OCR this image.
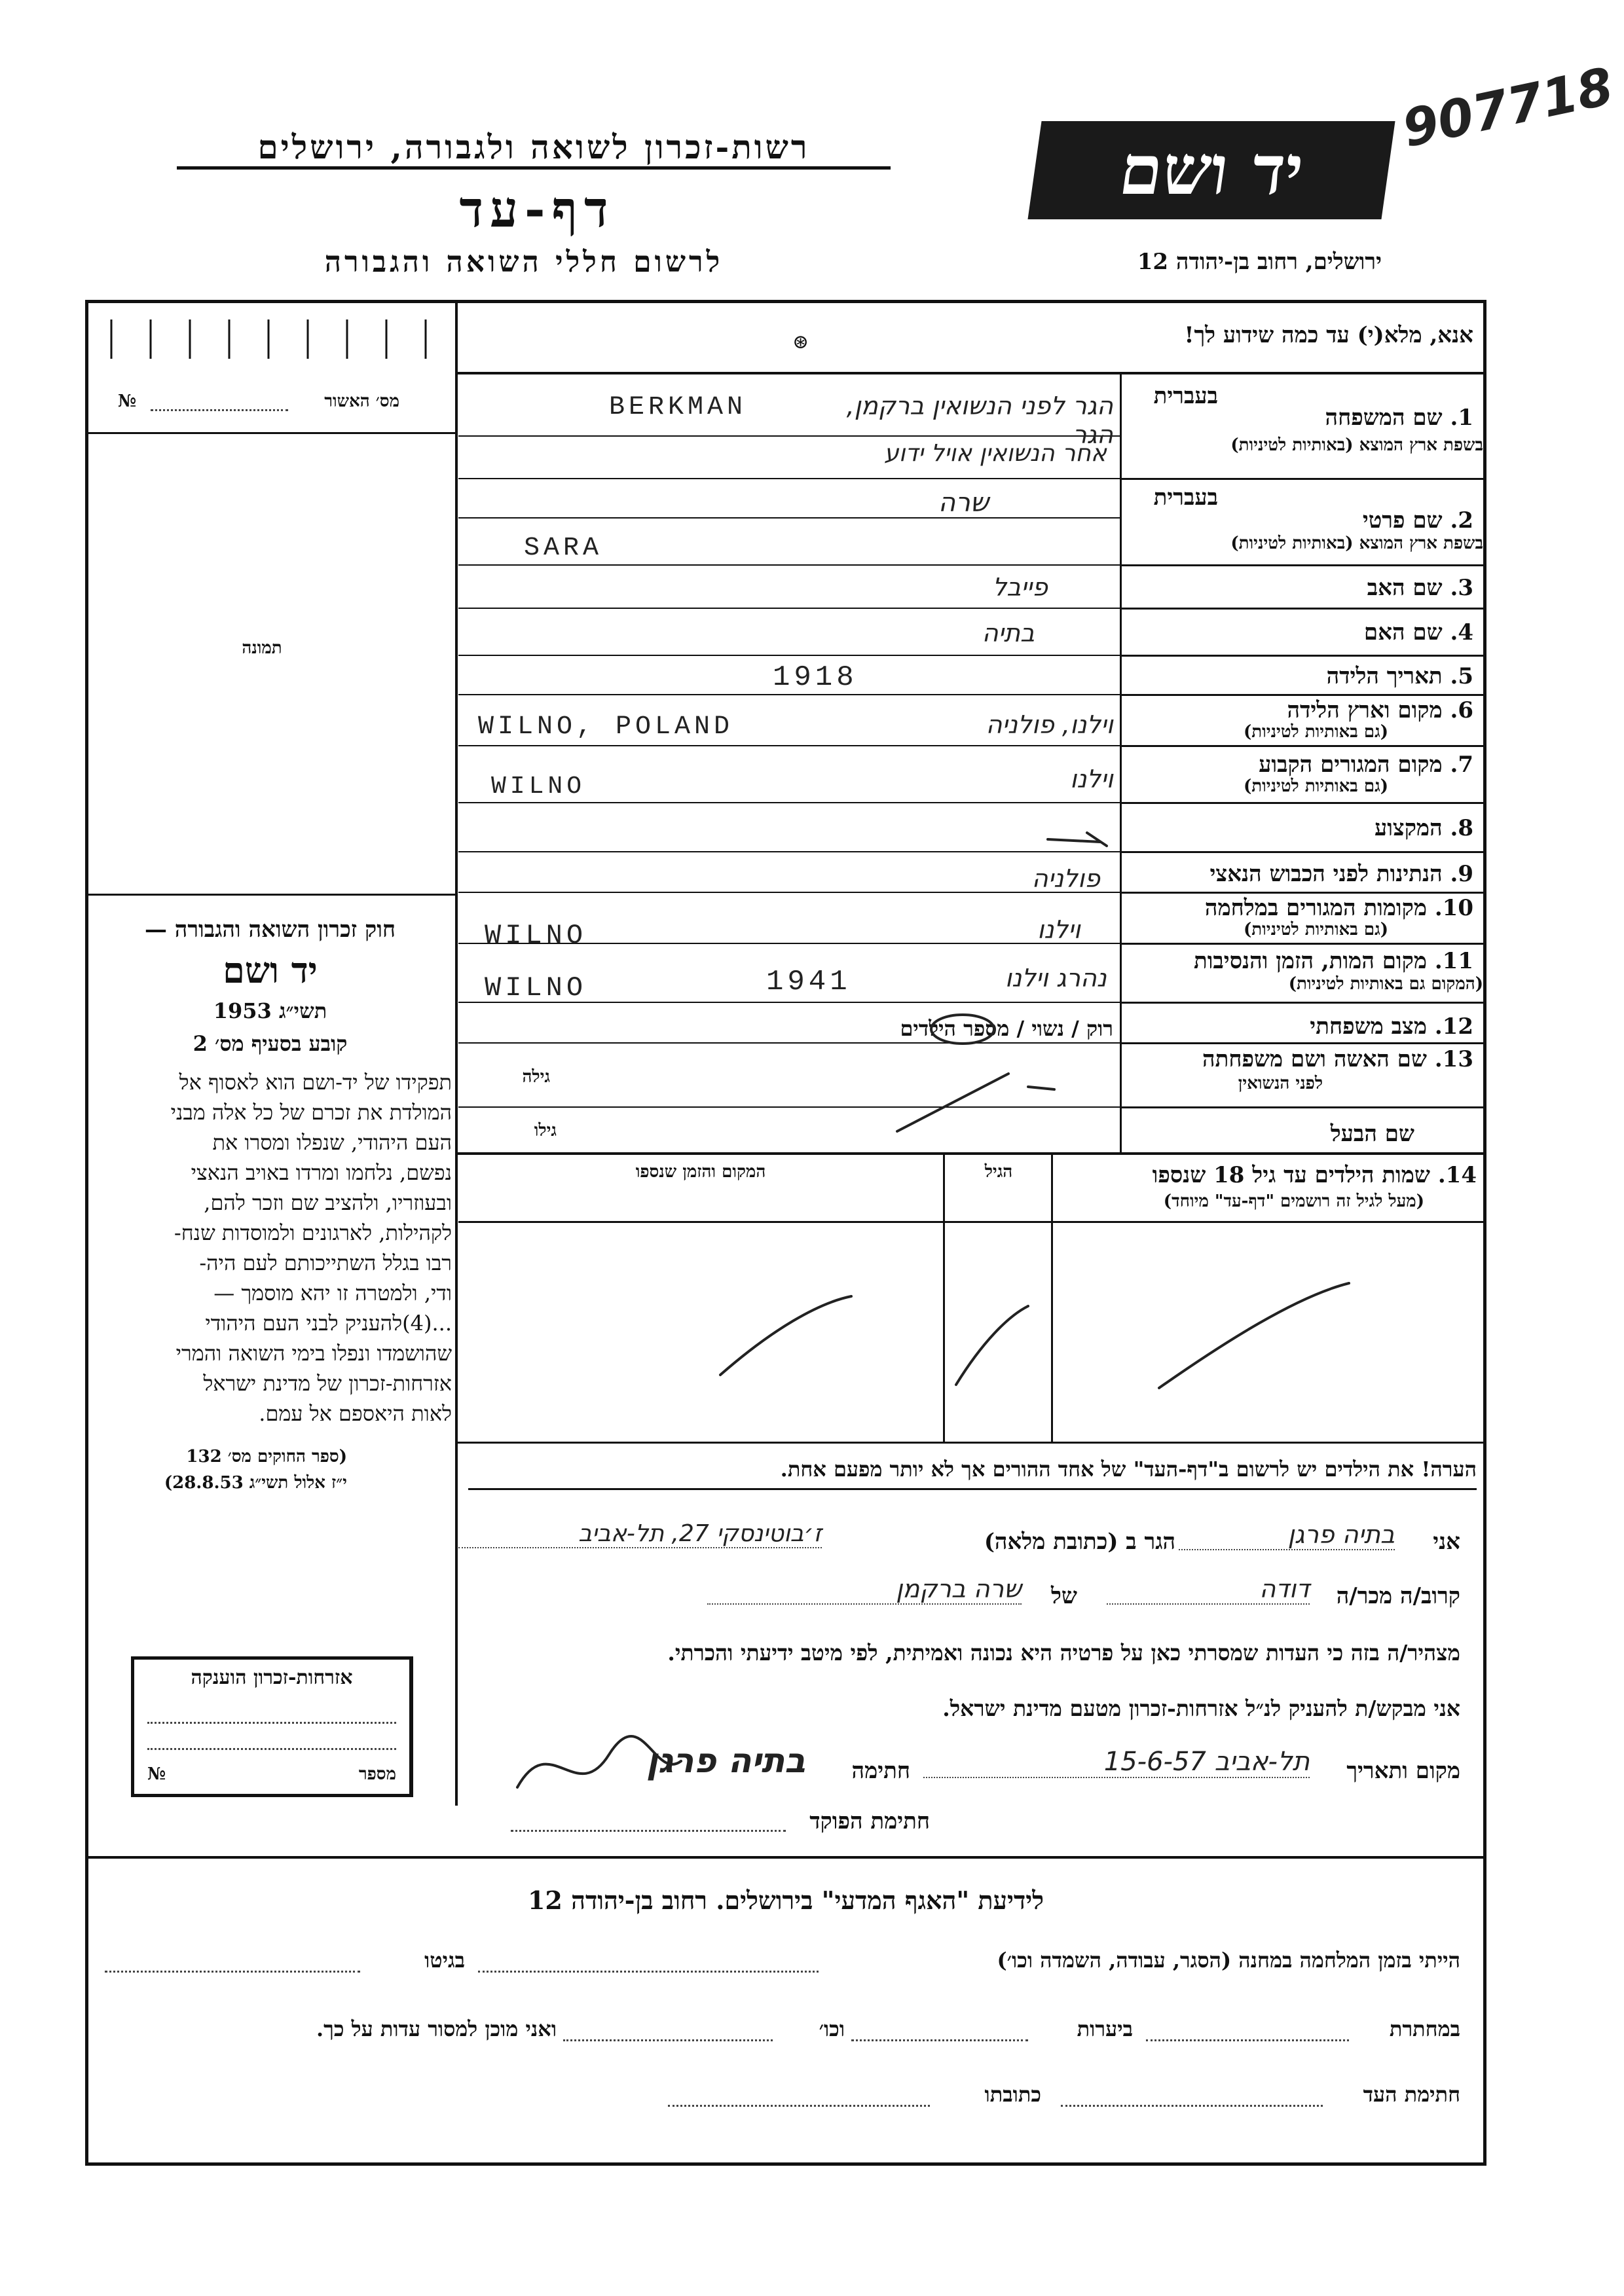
907718
יד ושם
רשות-זכרון לשואה ולגבורה, ירושלים
דף-עד
לרשום חללי השואה והגבורה	ירושלים, רחוב בן-יהודה 12
מס׳ האשור
№
תמונה
אנא, מלא(י) עד כמה שידוע לך!
⊛
בעברית
1. שם המשפחה
בשפת ארץ המוצא (באותיות לטיניות)
הגר לפני הנשואין ברקמן, הגר
BERKMAN
אחר הנשואין אויל ידוע
בעברית
2. שם פרטי
בשפת ארץ המוצא (באותיות לטיניות)
שרה
SARA
3. שם האב
פייבל
4. שם האם
בתיה
5. תאריך הלידה
1918
6. מקום וארץ הלידה
(גם באותיות לטיניות)
וילנו, פולניה
WILNO, POLAND
7. מקום המגורים הקבוע
(גם באותיות לטיניות)
וילנו
WILNO
8. המקצוע
9. הנתינות לפני הכבוש הנאצי
פולניה
10. מקומות המגורים במלחמה
(גם באותיות לטיניות)
וילנו
WILNO
11. מקום המות, הזמן והנסיבות
(המקום גם באותיות לטיניות)
נהרג וילנו
1941
WILNO
12. מצב משפחתי
רוק / נשוי / מספר הילדים
13. שם האשה ושם משפחתה
לפני הנשואין
גילה
שם הבעל
גילו
14. שמות הילדים עד גיל 18 שנספו
(מעל לגיל זה רושמים "דף-עד" מיוחד)
הגיל
המקום והזמן שנספו
הערה! את הילדים יש לרשום ב"דף-העד" של אחד ההורים אך לא יותר מפעם אחת.
חוק זכרון השואה והגבורה —
יד ושם
תשי״ג 1953
קובע בסעיף מס׳ 2
תפקידו של יד-ושם הוא לאסוף אל
המולדת את זכרם של כל אלה מבני
העם היהודי, שנפלו ומסרו את
נפשם, נלחמו ומרדו באויב הנאצי
ובעוזריו, ולהציב שם וזכר להם,
לקהילות, לארגונים ולמוסדות שנח-
רבו בגלל השתייכותם לעם היה-
ודי, ולמטרה זו יהא מוסמך —
...(4)להעניק לבני העם היהודי
שהושמדו ונפלו בימי השואה והמרי
אזרחות-זכרון של מדינת ישראל
לאות היאספם אל עמם.
(ספר החוקים מס׳ 132
י״ז אלול תשי״ג 28.8.53)
אזרחות-זכרון הוענקה
מספר
№
אני
בתיה פרגן
הגר ב (כתובת מלאה)
ז׳בוטינסקי 27, תל-אביב
קרוב/ה מכר/ה
דודה
של
שרה ברקמן
מצהיר/ה בזה כי העדות שמסרתי כאן על פרטיה היא נכונה ואמיתית, לפי מיטב ידיעתי והכרתי.
אני מבקש/ת להעניק לנ״ל אזרחות-זכרון מטעם מדינת ישראל.
מקום ותאריך
תל-אביב 15-6-57
חתימה
בתיה פרגן
חתימת הפוקד
לידיעת "האגף המדעי" בירושלים. רחוב בן-יהודה 12
הייתי בזמן המלחמה במחנה (הסגר, עבודה, השמדה וכו׳)
בגיטו
במחתרת
ביערות
וכו׳
ואני מוכן למסור עדות על כך.
חתימת העד
כתובתו
